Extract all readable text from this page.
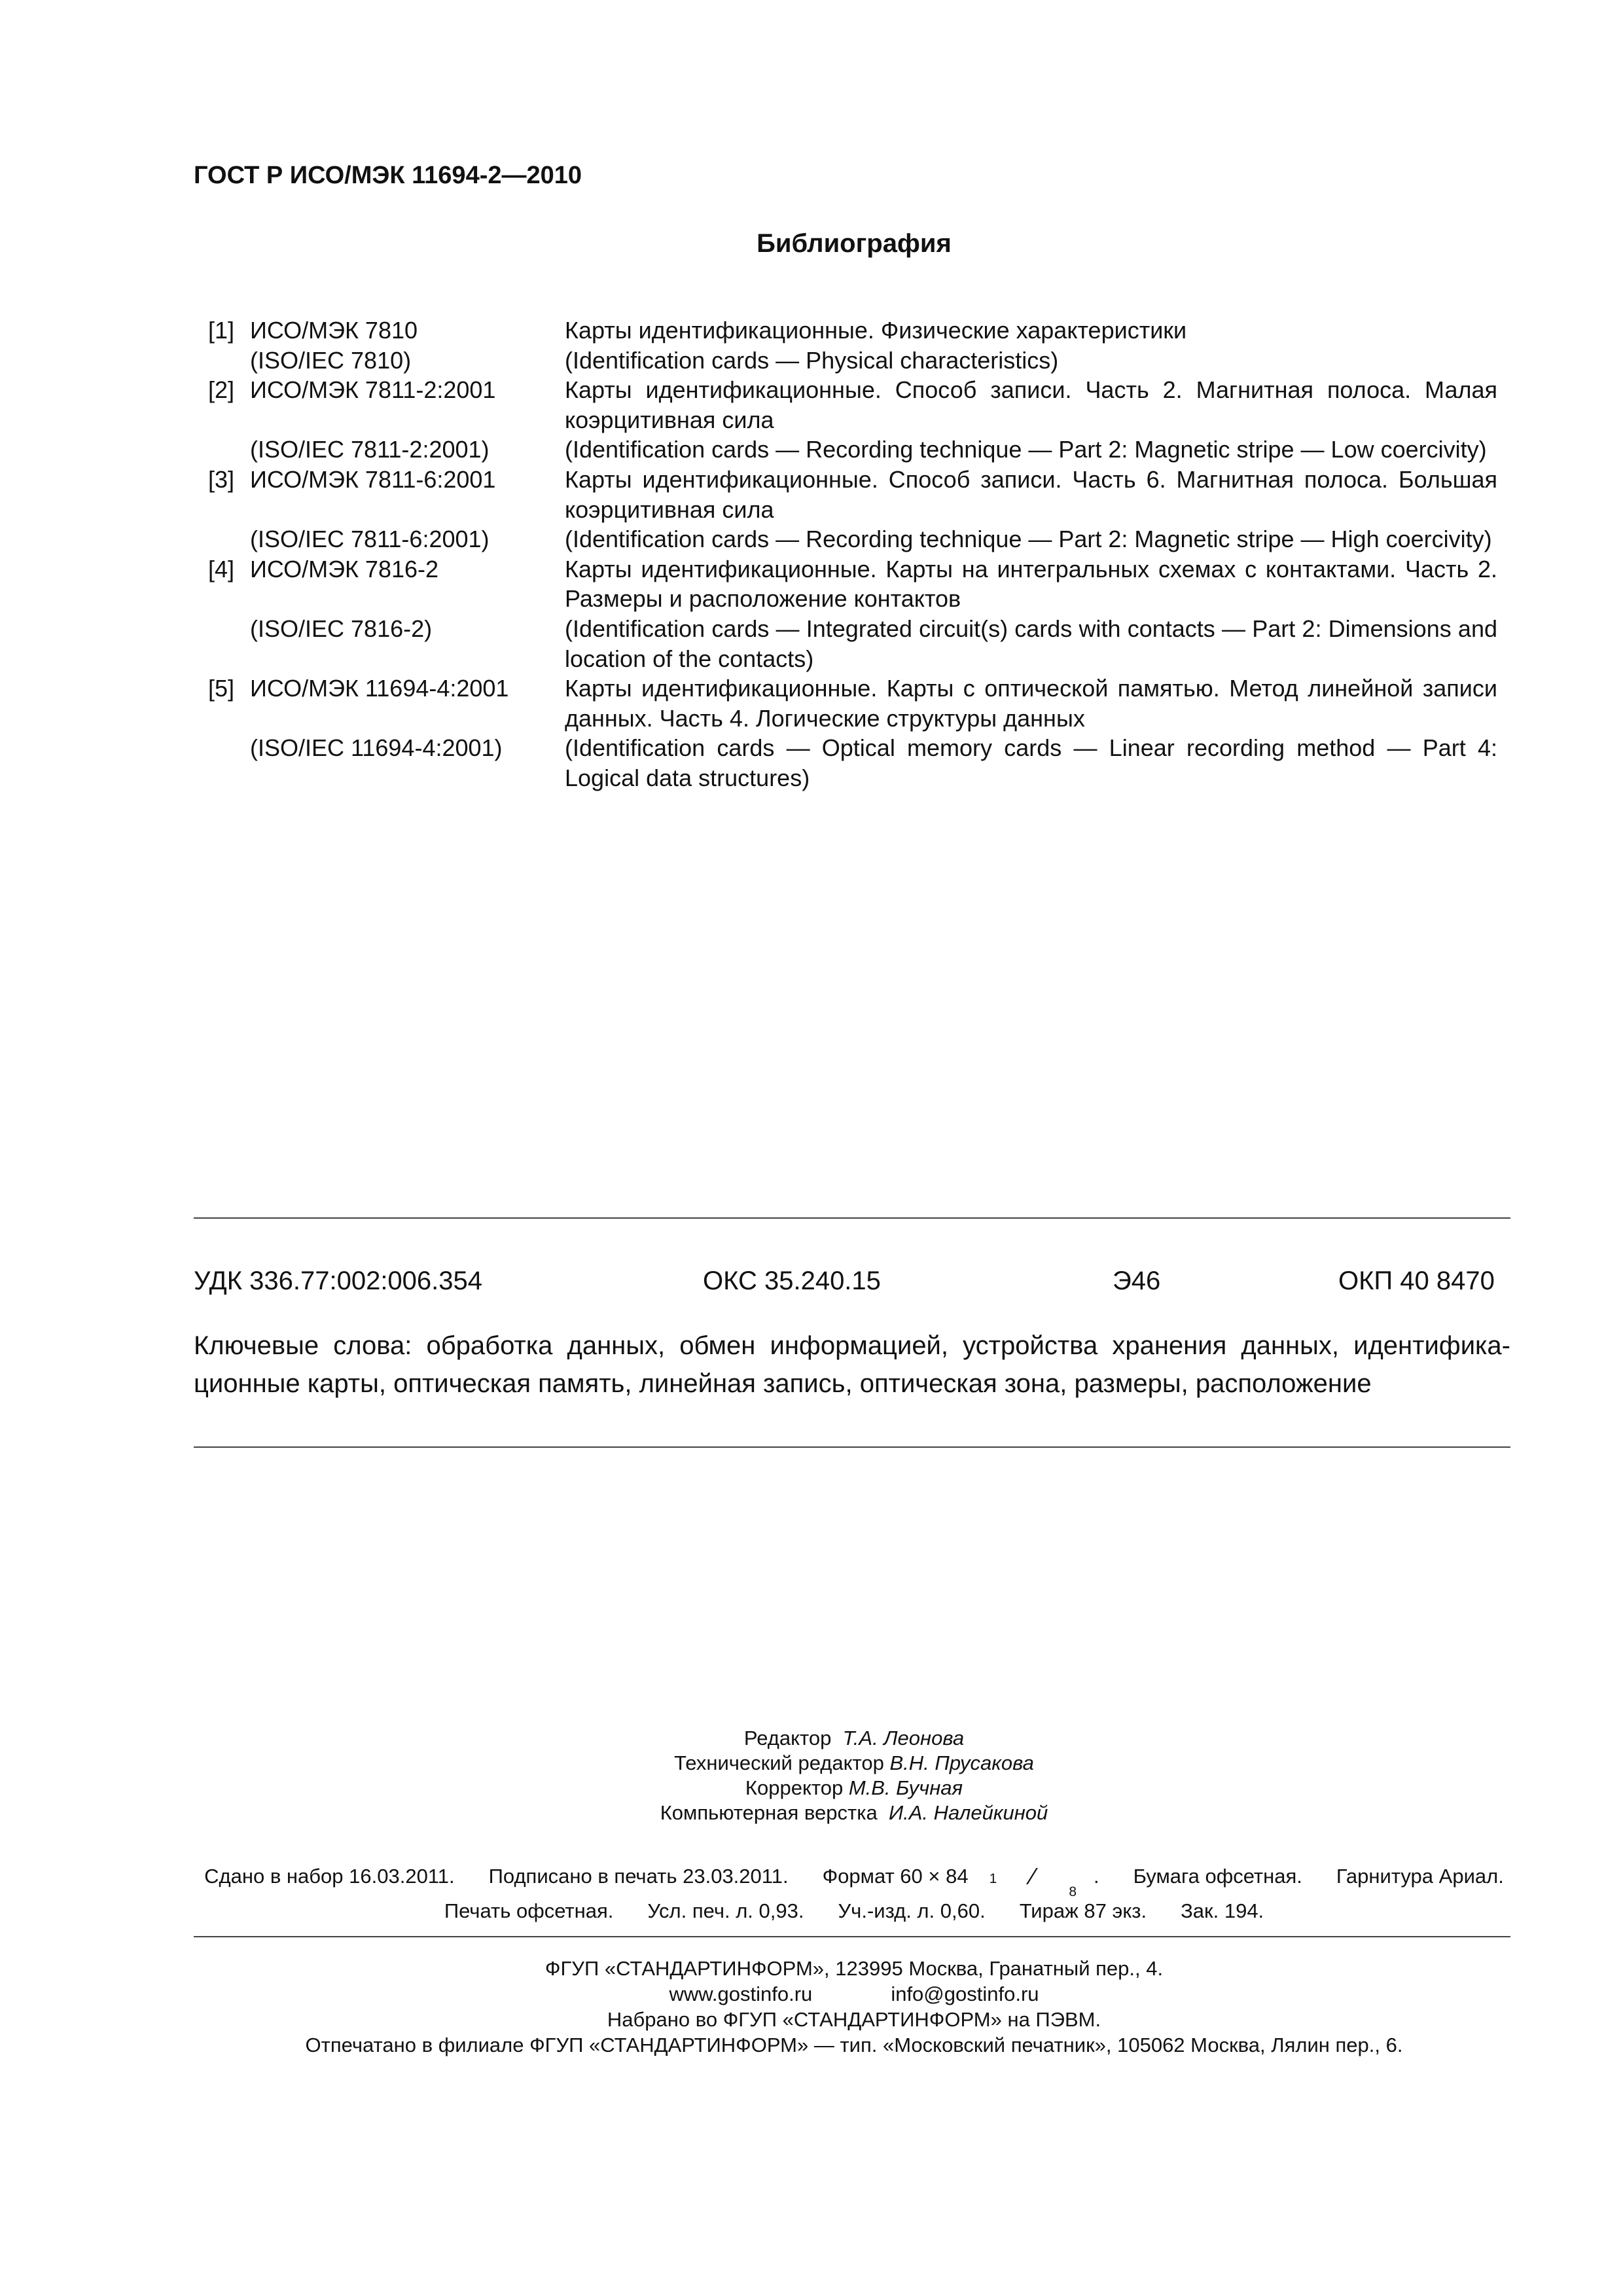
ГОСТ Р ИСО/МЭК 11694-2—2010
Библиография
[1] ИСО/МЭК 7810	Карты идентификационные. Физические характеристики
(ISO/IEC 7810)	(Identification cards — Physical characteristics)
[2] ИСО/МЭК 7811-2:2001	Карты идентификационные. Способ записи. Часть 2. Магнитная полоса. Малая коэрцитивная сила
(ISO/IEC 7811-2:2001)	(Identification cards — Recording technique — Part 2: Magnetic stripe — Low coercivity)
[3] ИСО/МЭК 7811-6:2001	Карты идентификационные. Способ записи. Часть 6. Магнитная полоса. Большая коэрцитивная сила
(ISO/IEC 7811-6:2001)	(Identification cards — Recording technique — Part 2: Magnetic stripe — High coercivity)
[4] ИСО/МЭК 7816-2	Карты идентификационные. Карты на интегральных схемах с контактами. Часть 2. Размеры и расположение контактов
(ISO/IEC 7816-2)	(Identification cards — Integrated circuit(s) cards with contacts — Part 2: Dimensions and location of the contacts)
[5] ИСО/МЭК 11694-4:2001	Карты идентификационные. Карты с оптической памятью. Метод линейной записи данных. Часть 4. Логические структуры данных
(ISO/IEC 11694-4:2001)	(Identification cards — Optical memory cards — Linear recording method — Part 4: Logical data structures)
УДК 336.77:002:006.354	ОКС 35.240.15	Э46	ОКП 40 8470
Ключевые слова: обработка данных, обмен информацией, устройства хранения данных, идентификационные карты, оптическая память, линейная запись, оптическая зона, размеры, расположение
Редактор Т.А. Леонова
Технический редактор В.Н. Прусакова
Корректор М.В. Бучная
Компьютерная верстка И.А. Налейкиной
Сдано в набор 16.03.2011. Подписано в печать 23.03.2011. Формат 60 × 84 1 ⁄8. Бумага офсетная. Гарнитура Ариал.
Печать офсетная. Усл. печ. л. 0,93. Уч.-изд. л. 0,60. Тираж 87 экз. Зак. 194.
ФГУП «СТАНДАРТИНФОРМ», 123995 Москва, Гранатный пер., 4.
www.gostinfo.ru	info@gostinfo.ru
Набрано во ФГУП «СТАНДАРТИНФОРМ» на ПЭВМ.
Отпечатано в филиале ФГУП «СТАНДАРТИНФОРМ» — тип. «Московский печатник», 105062 Москва, Лялин пер., 6.
